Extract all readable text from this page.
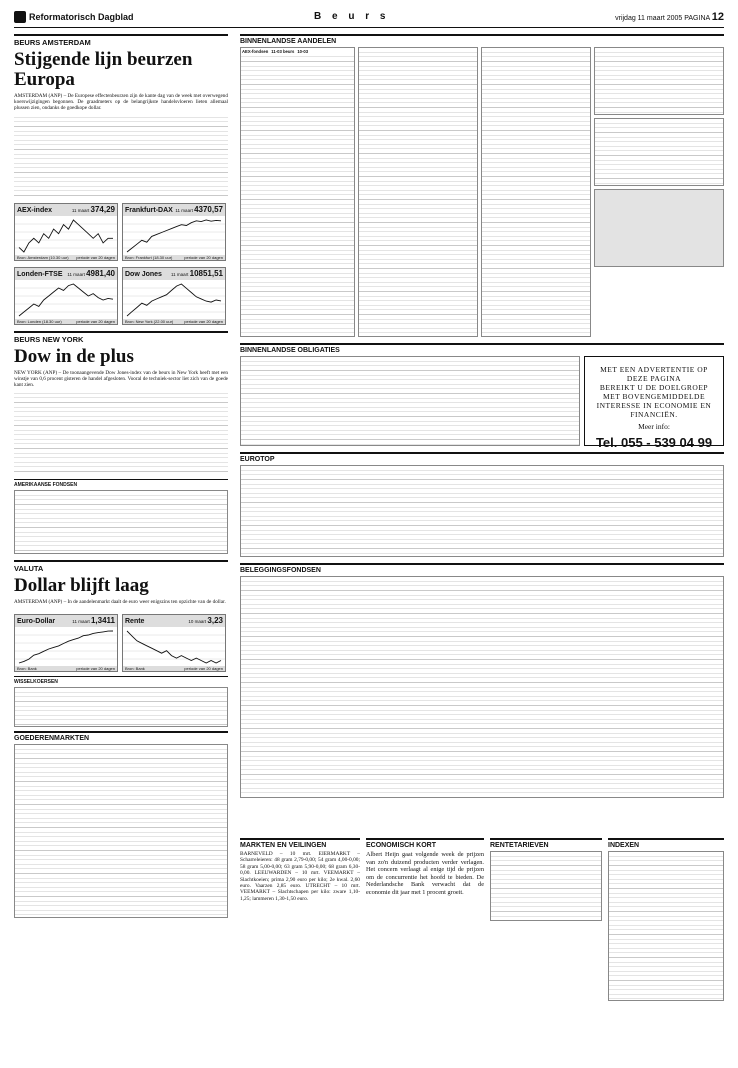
Reformatorisch Dagblad	B e u r s	vrijdag 11 maart 2005 PAGINA 12
BEURS AMSTERDAM
Stijgende lijn beurzen Europa
AMSTERDAM (ANP) – De Europese effectenbeurzen zijn de kante dag van de week met overwegend koerswijzigingen begonnen. De graadmeters op de belangrijkste handelsvloeren lieten allemaal plussen zien, ondanks de goedkope dollar.
AEX-index	11 maart 374,29
Bron: Amsterdam (10.30 uur) periode van 20 dagen
Frankfurt-DAX 11 maart 4370,57
Bron: Frankfurt (18.30 uur)	periode van 20 dagen
Londen-FTSE 11 maart 4981,40
Bron: Londen (18.30 uur)	periode van 20 dagen
Dow Jones 11 maart 10851,51
Bron: New York (22.00 uur)	periode van 20 dagen
BEURS NEW YORK
Dow in de plus
NEW YORK (ANP) – De toonaangevende Dow Jones-index van de beurs in New York heeft met een winstje van 0,6 procent gisteren de handel afgesloten. Vooral de techniek-sector liet zich van de goede kant zien.
AMERIKAANSE FONDSEN
VALUTA
Dollar blijft laag
AMSTERDAM (ANP) – In de aandelenmarkt daalt de euro weer enigszins ten opzichte van de dollar.
Euro-Dollar	11 maart 1,3411
Bron: Bank	periode van 20 dagen
Rente	10 maart 3,23
Bron: Bank	periode van 20 dagen
WISSELKOERSEN
GOEDERENMARKTEN
BINNENLANDSE AANDELEN
AEX-fondsen 11-03 beurs 10-03
BINNENLANDSE OBLIGATIES
MET EEN ADVERTENTIE OP DEZE PAGINA
BEREIKT U DE DOELGROEP MET BOVENGEMIDDELDE
INTERESSE IN ECONOMIE EN FINANCIËN.
Meer info:
Tel. 055 - 539 04 99
EUROTOP
BELEGGINGSFONDSEN
MARKTEN EN VEILINGEN
BARNEVELD – 10 mrt. EIERMARKT – Scharreleieren: 48 gram 2,79-0,00; 54 gram 4,00-0,00; 58 gram 5,00-0,00; 63 gram 5,90-0,00; 68 gram 6,30-0,00. LEEUWARDEN – 10 mrt. VEEMARKT – Slachtkoeien; prima 2,90 euro per kilo; 2e kwal. 2,60 euro. Vaarzen 2,85 euro. UTRECHT – 10 mrt. VEEMARKT – Slachtschapen per kilo: zware 1,10-1,25; lammeren 1,30-1,50 euro.
ECONOMISCH KORT
Albert Heijn gaat volgende week de prijzen van zo'n duizend producten verder verlagen. Het concern verlaagt al enige tijd de prijzen om de concurrentie het hoofd te bieden. De Nederlandsche Bank verwacht dat de economie dit jaar met 1 procent groeit.
RENTETARIEVEN	INDEXEN
